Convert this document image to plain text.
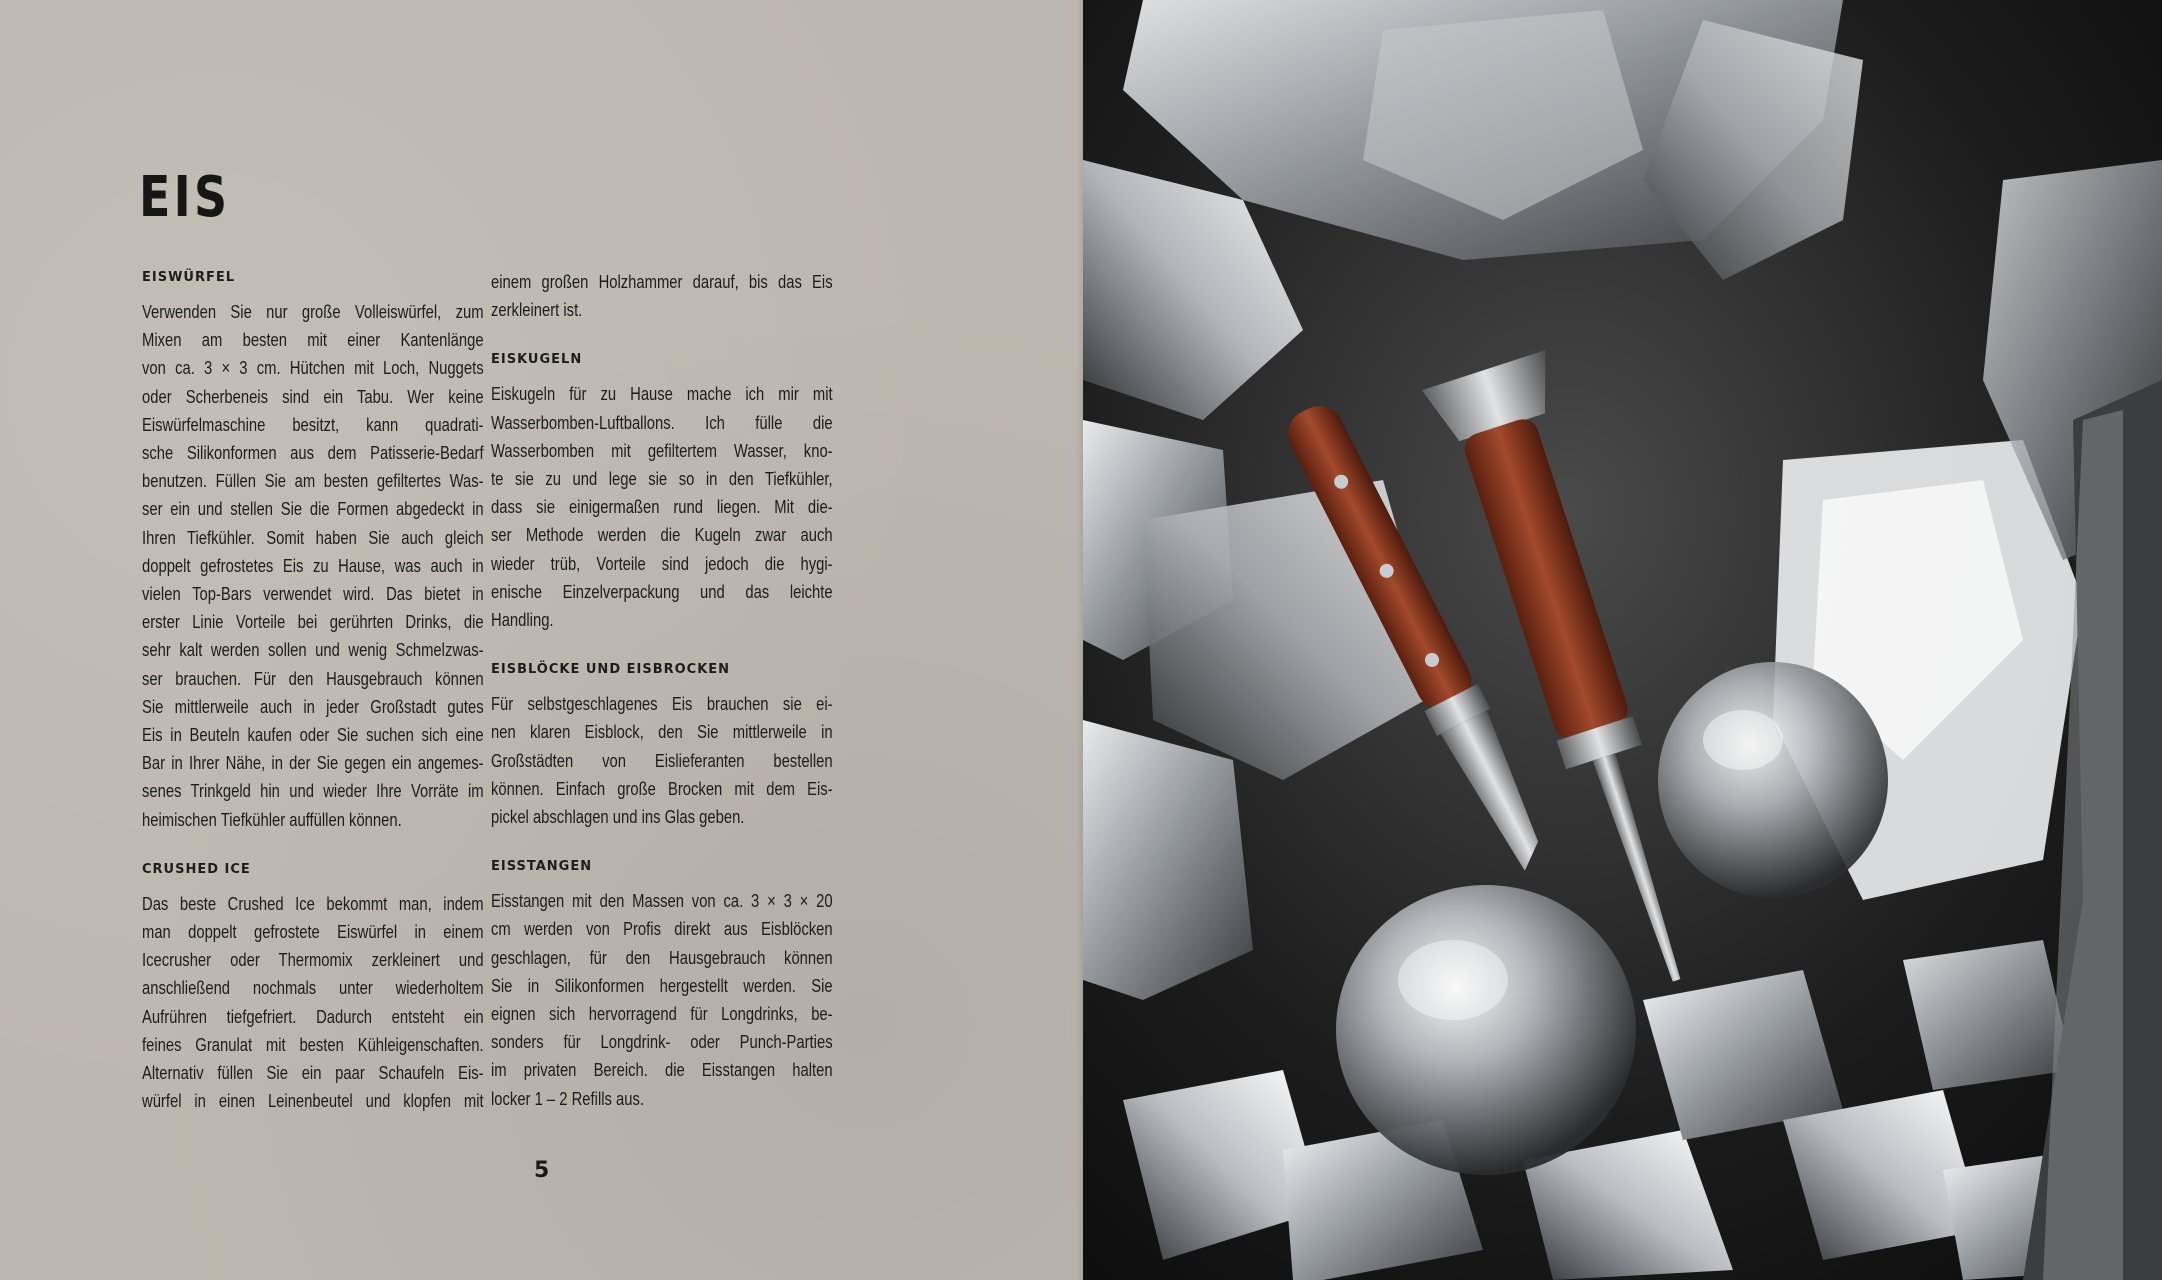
EIS
EISWÜRFEL
Verwenden Sie nur große Volleiswürfel, zum
Mixen am besten mit einer Kantenlänge
von ca. 3 × 3 cm. Hütchen mit Loch, Nuggets
oder Scherbeneis sind ein Tabu. Wer keine
Eiswürfelmaschine besitzt, kann quadrati-
sche Silikonformen aus dem Patisserie-Bedarf
benutzen. Füllen Sie am besten gefiltertes Was-
ser ein und stellen Sie die Formen abgedeckt in
Ihren Tiefkühler. Somit haben Sie auch gleich
doppelt gefrostetes Eis zu Hause, was auch in
vielen Top-Bars verwendet wird. Das bietet in
erster Linie Vorteile bei gerührten Drinks, die
sehr kalt werden sollen und wenig Schmelzwas-
ser brauchen. Für den Hausgebrauch können
Sie mittlerweile auch in jeder Großstadt gutes
Eis in Beuteln kaufen oder Sie suchen sich eine
Bar in Ihrer Nähe, in der Sie gegen ein angemes-
senes Trinkgeld hin und wieder Ihre Vorräte im
heimischen Tiefkühler auffüllen können.
CRUSHED ICE
Das beste Crushed Ice bekommt man, indem
man doppelt gefrostete Eiswürfel in einem
Icecrusher oder Thermomix zerkleinert und
anschließend nochmals unter wiederholtem
Aufrühren tiefgefriert. Dadurch entsteht ein
feines Granulat mit besten Kühleigenschaften.
Alternativ füllen Sie ein paar Schaufeln Eis-
würfel in einen Leinenbeutel und klopfen mit
einem großen Holzhammer darauf, bis das Eis
zerkleinert ist.
EISKUGELN
Eiskugeln für zu Hause mache ich mir mit
Wasserbomben-Luftballons. Ich fülle die
Wasserbomben mit gefiltertem Wasser, kno-
te sie zu und lege sie so in den Tiefkühler,
dass sie einigermaßen rund liegen. Mit die-
ser Methode werden die Kugeln zwar auch
wieder trüb, Vorteile sind jedoch die hygi-
enische Einzelverpackung und das leichte
Handling.
EISBLÖCKE UND EISBROCKEN
Für selbstgeschlagenes Eis brauchen sie ei-
nen klaren Eisblock, den Sie mittlerweile in
Großstädten von Eislieferanten bestellen
können. Einfach große Brocken mit dem Eis-
pickel abschlagen und ins Glas geben.
EISSTANGEN
Eisstangen mit den Massen von ca. 3 × 3 × 20
cm werden von Profis direkt aus Eisblöcken
geschlagen, für den Hausgebrauch können
Sie in Silikonformen hergestellt werden. Sie
eignen sich hervorragend für Longdrinks, be-
sonders für Longdrink- oder Punch-Parties
im privaten Bereich. die Eisstangen halten
locker 1 – 2 Refills aus.
5
